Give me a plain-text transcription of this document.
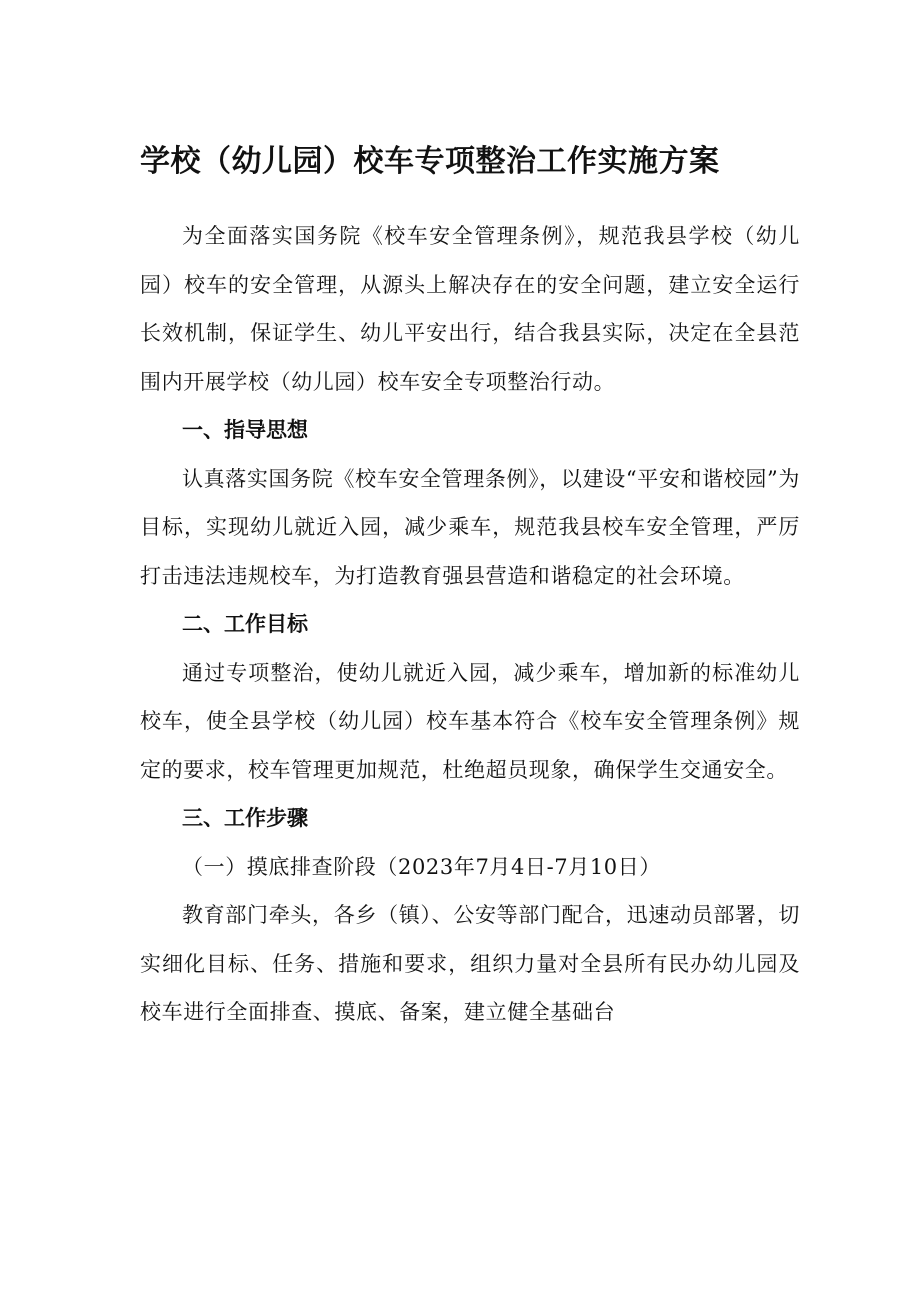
学校（幼儿园）校车专项整治工作实施方案

为全面落实国务院《校车安全管理条例》，规范我县学校（幼儿园）校车的安全管理，从源头上解决存在的安全问题，建立安全运行长效机制，保证学生、幼儿平安出行，结合我县实际，决定在全县范围内开展学校（幼儿园）校车安全专项整治行动。

一、指导思想

认真落实国务院《校车安全管理条例》，以建设“平安和谐校园”为目标，实现幼儿就近入园，减少乘车，规范我县校车安全管理，严厉打击违法违规校车，为打造教育强县营造和谐稳定的社会环境。

二、工作目标

通过专项整治，使幼儿就近入园，减少乘车，增加新的标准幼儿校车，使全县学校（幼儿园）校车基本符合《校车安全管理条例》规定的要求，校车管理更加规范，杜绝超员现象，确保学生交通安全。

三、工作步骤

（一）摸底排查阶段（2023年7月4日-7月10日）

教育部门牵头，各乡（镇）、公安等部门配合，迅速动员部署，切实细化目标、任务、措施和要求，组织力量对全县所有民办幼儿园及校车进行全面排查、摸底、备案，建立健全基础台
